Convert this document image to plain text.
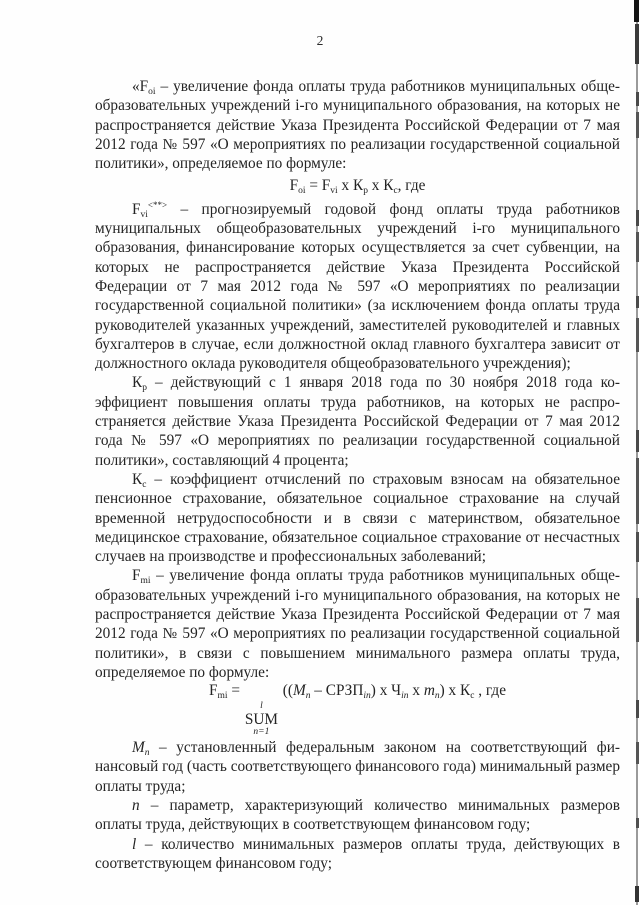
2

«$F_{oi}$ – увеличение фонда оплаты труда работников муниципальных общеобразовательных учреждений i-го муниципального образования, на которых не распространяется действие Указа Президента Российской Федерации от 7 мая 2012 года № 597 «О мероприятиях по реализации государственной социальной политики», определяемое по формуле:

$F_{oi} = F_{vi}$ х $К_р$ х $К_с$, где

$F_{vi}^{<**>}$ – прогнозируемый годовой фонд оплаты труда работников муниципальных общеобразовательных учреждений i-го муниципального образования, финансирование которых осуществляется за счет субвенции, на которых не распространяется действие Указа Президента Российской Федерации от 7 мая 2012 года № 597 «О мероприятиях по реализации государственной социальной политики» (за исключением фонда оплаты труда руководителей указанных учреждений, заместителей руководителей и главных бухгалтеров в случае, если должностной оклад главного бухгалтера зависит от должностного оклада руководителя общеобразовательного учреждения);

$К_р$ – действующий с 1 января 2018 года по 30 ноября 2018 года коэффициент повышения оплаты труда работников, на которых не распространяется действие Указа Президента Российской Федерации от 7 мая 2012 года № 597 «О мероприятиях по реализации государственной социальной политики», составляющий 4 процента;

$К_с$ – коэффициент отчислений по страховым взносам на обязательное пенсионное страхование, обязательное социальное страхование на случай временной нетрудоспособности и в связи с материнством, обязательное медицинское страхование, обязательное социальное страхование от несчастных случаев на производстве и профессиональных заболеваний;

$F_{mi}$ – увеличение фонда оплаты труда работников муниципальных общеобразовательных учреждений i-го муниципального образования, на которых не распространяется действие Указа Президента Российской Федерации от 7 мая 2012 года № 597 «О мероприятиях по реализации государственной социальной политики», в связи с повышением минимального размера оплаты труда, определяемое по формуле:

$F_{mi}$ =
l
SUM
n=1
(($M_n$ – $СРЗП_{in}$) х $Ч_{in}$ х $m_n$) х $К_с$ , где

$M_n$ – установленный федеральным законом на соответствующий финансовый год (часть соответствующего финансового года) минимальный размер оплаты труда;

n – параметр, характеризующий количество минимальных размеров оплаты труда, действующих в соответствующем финансовом году;

l – количество минимальных размеров оплаты труда, действующих в соответствующем финансовом году;
